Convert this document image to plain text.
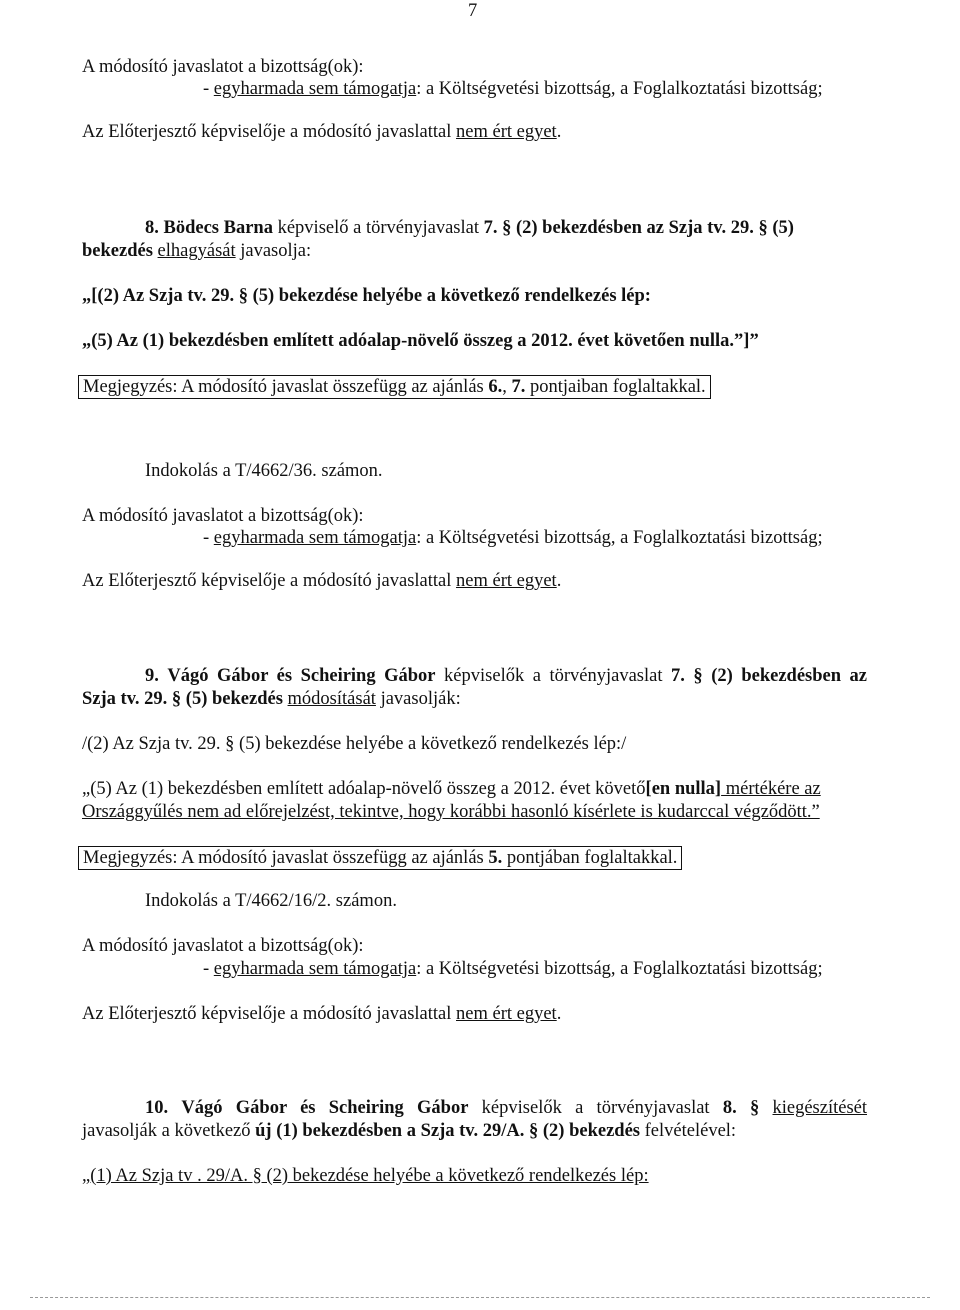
7
A módosító javaslatot a bizottság(ok):
- egyharmada sem támogatja: a Költségvetési bizottság, a Foglalkoztatási bizottság;
Az Előterjesztő képviselője a módosító javaslattal nem ért egyet.
8. Bödecs Barna képviselő a törvényjavaslat 7. § (2) bekezdésben az Szja tv. 29. § (5)
bekezdés elhagyását javasolja:
„[(2) Az Szja tv. 29. § (5) bekezdése helyébe a következő rendelkezés lép:
„(5) Az (1) bekezdésben említett adóalap-növelő összeg a 2012. évet követően nulla.”]”
Megjegyzés: A módosító javaslat összefügg az ajánlás 6., 7. pontjaiban foglaltakkal.
Indokolás a T/4662/36. számon.
A módosító javaslatot a bizottság(ok):
- egyharmada sem támogatja: a Költségvetési bizottság, a Foglalkoztatási bizottság;
Az Előterjesztő képviselője a módosító javaslattal nem ért egyet.
9. Vágó Gábor és Scheiring Gábor képviselők a törvényjavaslat 7. § (2) bekezdésben az
Szja tv. 29. § (5) bekezdés módosítását javasolják:
/(2) Az Szja tv. 29. § (5) bekezdése helyébe a következő rendelkezés lép:/
„(5) Az (1) bekezdésben említett adóalap-növelő összeg a 2012. évet követő[en nulla] mértékére az
Országgyűlés nem ad előrejelzést, tekintve, hogy korábbi hasonló kísérlete is kudarccal végződött.”
Megjegyzés: A módosító javaslat összefügg az ajánlás 5. pontjában foglaltakkal.
Indokolás a T/4662/16/2. számon.
A módosító javaslatot a bizottság(ok):
- egyharmada sem támogatja: a Költségvetési bizottság, a Foglalkoztatási bizottság;
Az Előterjesztő képviselője a módosító javaslattal nem ért egyet.
10. Vágó Gábor és Scheiring Gábor képviselők a törvényjavaslat 8. § kiegészítését
javasolják a következő új (1) bekezdésben a Szja tv. 29/A. § (2) bekezdés felvételével:
„(1) Az Szja tv . 29/A. § (2) bekezdése helyébe a következő rendelkezés lép:
